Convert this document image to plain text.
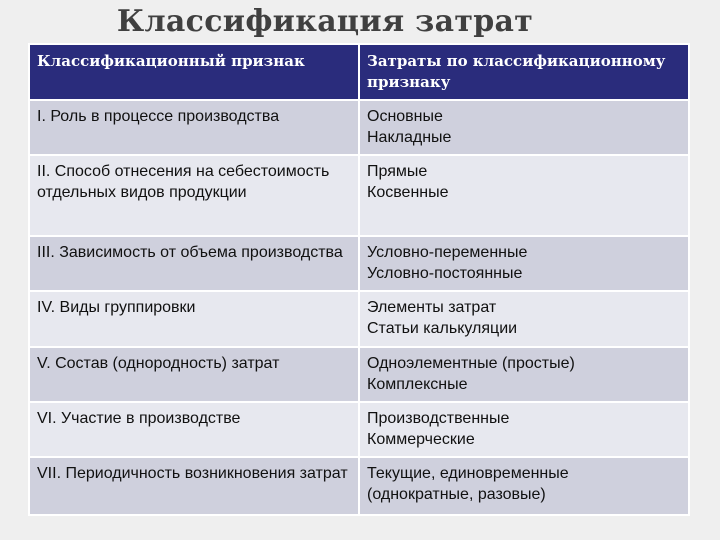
Классификация затрат
Классификационный признак	Затраты по классификационному признаку
I. Роль в процессе производства	Основные
Накладные

II. Способ отнесения на себестоимость отдельных видов продукции	Прямые
Косвенные

III. Зависимость от объема производства	Условно-переменные
Условно-постоянные

IV. Виды группировки	Элементы затрат
Статьи калькуляции

V. Состав (однородность) затрат	Одноэлементные (простые)
Комплексные

VI. Участие в производстве	Производственные
Коммерческие

VII. Периодичность возникновения затрат	Текущие, единовременные
(однократные, разовые)
